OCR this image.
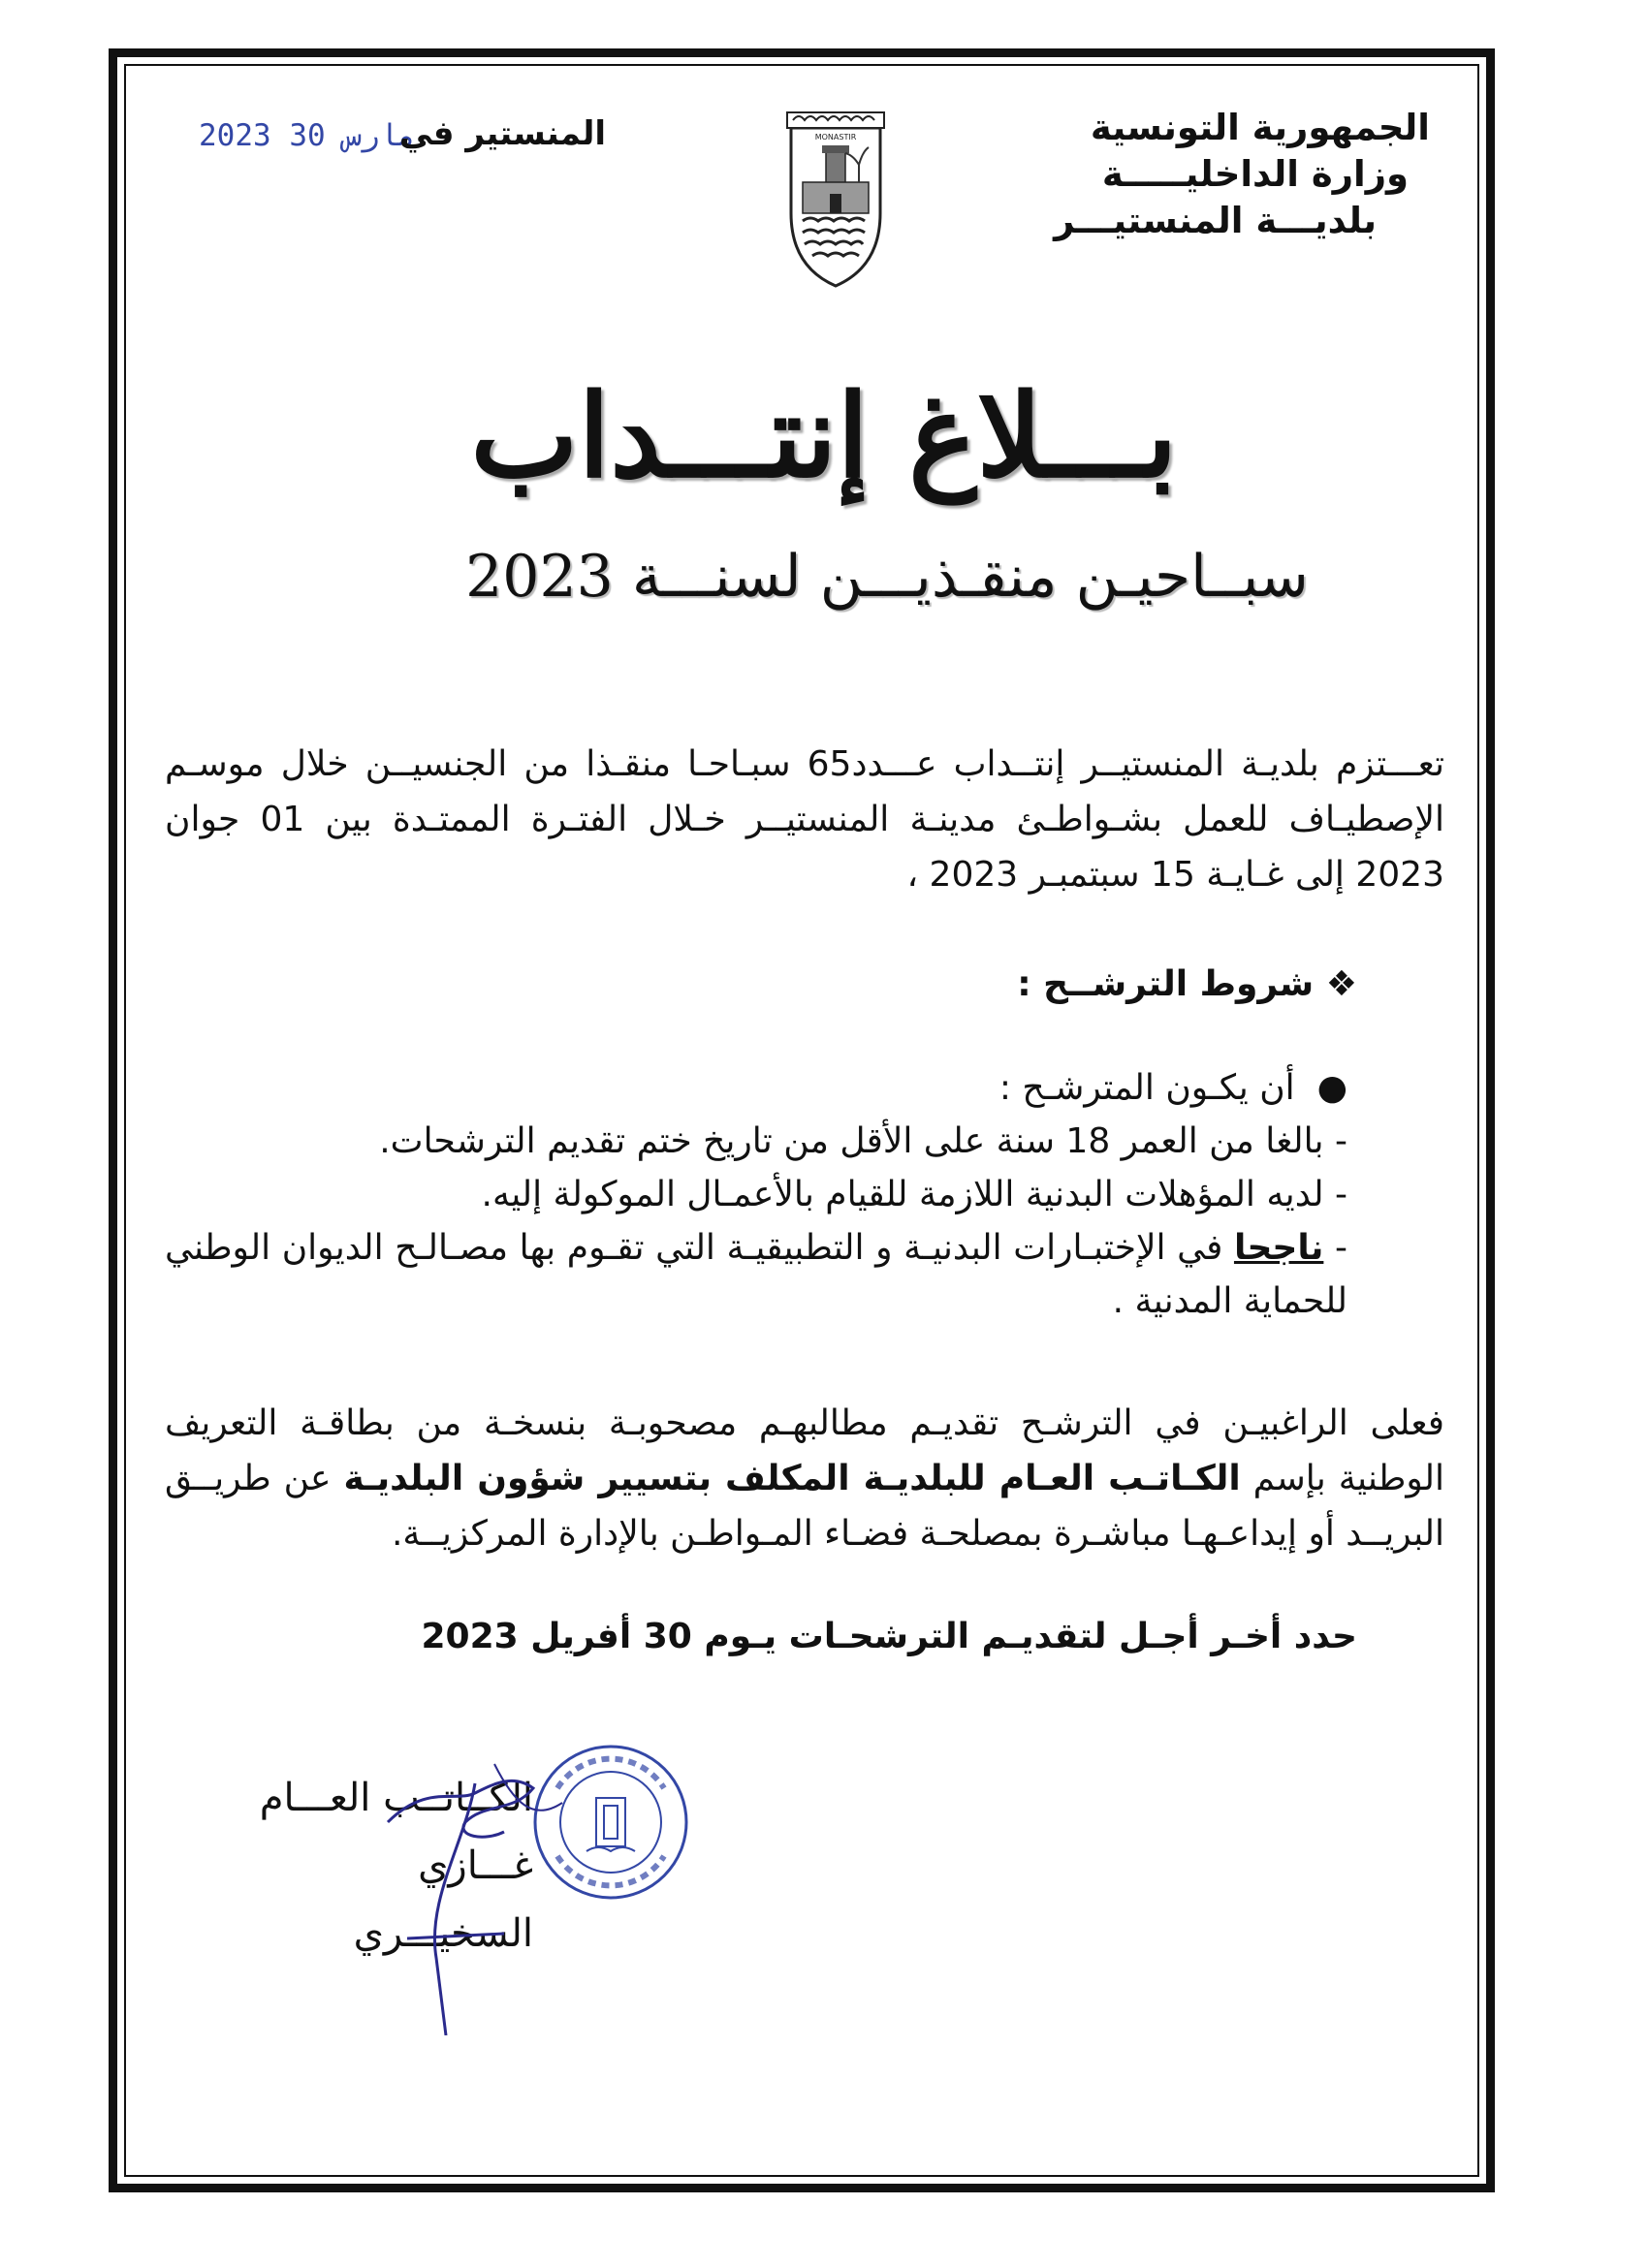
الجمهورية التونسية
وزارة الداخليـــــة
بلديـــة المنستيـــر
MONASTIR
2023 مارس 30
المنستير في
بـــلاغ إنتـــداب
سبــاحيـن منقـذيـــن لسنـــة 2023
تعـــتزم بلديـة المنستيــر إنتــداب عـــدد65 سبـاحـا منقـذا من الجنسيــن خلال موسـم الإصطيـاف للعمل بشـواطـئ مدينـة المنستيــر خـلال الفتـرة الممتـدة بين 01 جوان 2023 إلى غـايـة 15 سبتمبـر 2023 ،
❖ شروط الترشــح :
●  أن يكـون المترشـح :
- بالغا من العمر 18 سنة على الأقل من تاريخ ختم تقديم الترشحات.
- لديه المؤهلات البدنية اللازمة للقيام بالأعمـال الموكولة إليه.
- ناجحا في الإختبـارات البدنيـة و التطبيقيـة التي تقـوم بها مصـالـح الديوان الوطني للحماية المدنية .
فعلى الراغبيـن في الترشـح تقديـم مطالبهـم مصحوبـة بنسخـة من بطاقـة التعريف الوطنية بإسم الكـاتـب العـام للبلديـة المكلف بتسيير شؤون البلديـة عن طريــق البريــد أو إيداعـهـا مباشـرة بمصلحـة فضـاء المـواطـن بالإدارة المركزيــة.
حدد أخـر أجـل لتقديـم الترشحـات يـوم 30 أفريل 2023
الكــاتــب العـــام
غـــازي السخيـــري
